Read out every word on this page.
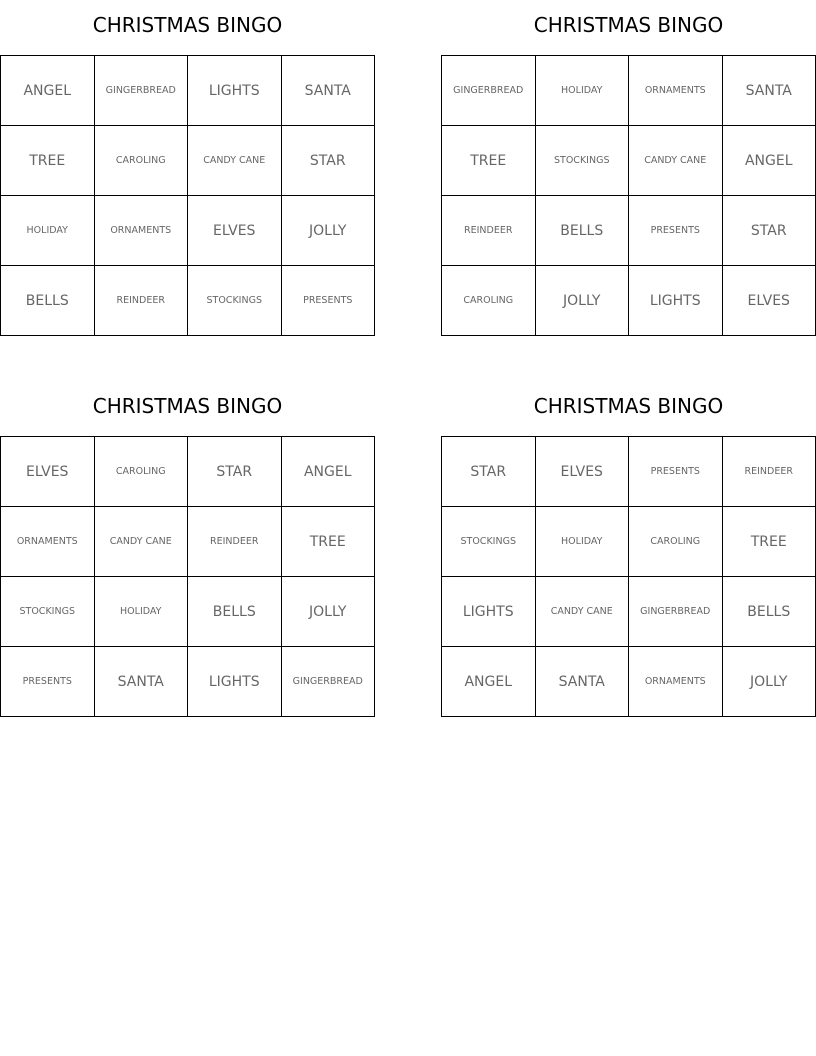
CHRISTMAS BINGO
ANGEL	GINGERBREAD	LIGHTS	SANTA
TREE	CAROLING	CANDY CANE	STAR
HOLIDAY	ORNAMENTS	ELVES	JOLLY
BELLS	REINDEER	STOCKINGS	PRESENTS
CHRISTMAS BINGO
GINGERBREAD	HOLIDAY	ORNAMENTS	SANTA
TREE	STOCKINGS	CANDY CANE	ANGEL
REINDEER	BELLS	PRESENTS	STAR
CAROLING	JOLLY	LIGHTS	ELVES
CHRISTMAS BINGO
ELVES	CAROLING	STAR	ANGEL
ORNAMENTS	CANDY CANE	REINDEER	TREE
STOCKINGS	HOLIDAY	BELLS	JOLLY
PRESENTS	SANTA	LIGHTS	GINGERBREAD
CHRISTMAS BINGO
STAR	ELVES	PRESENTS	REINDEER
STOCKINGS	HOLIDAY	CAROLING	TREE
LIGHTS	CANDY CANE	GINGERBREAD	BELLS
ANGEL	SANTA	ORNAMENTS	JOLLY
